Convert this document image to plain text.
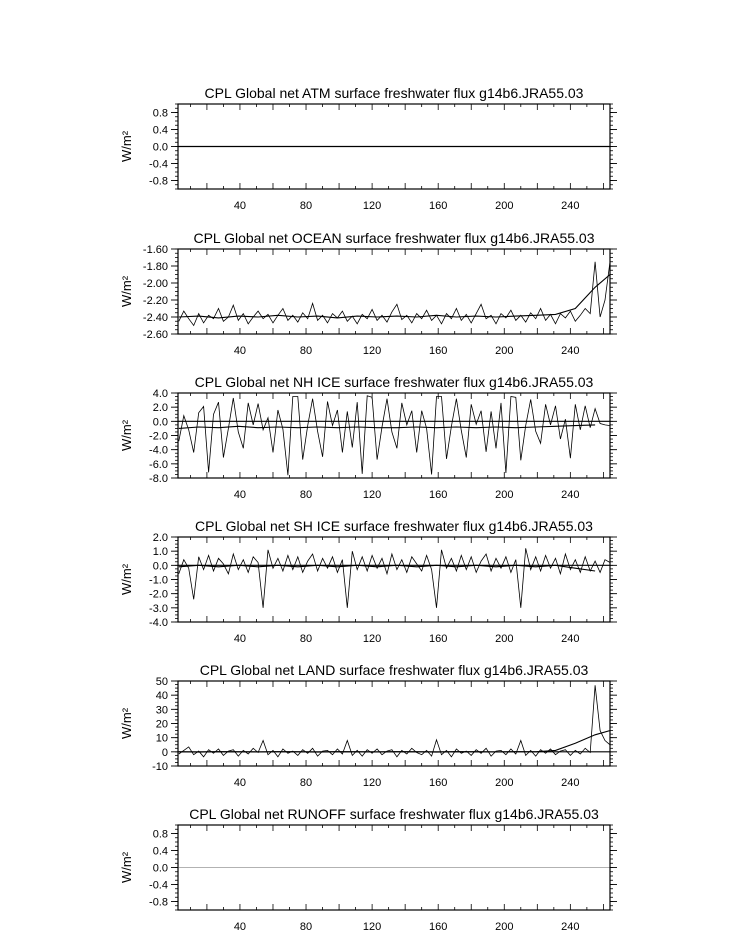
CPL Global net ATM surface freshwater flux g14b6.JRA55.03
W/m²
40	80	120	160	200	240
0.8
0.4
0.0
-0.4
-0.8
CPL Global net OCEAN surface freshwater flux g14b6.JRA55.03
W/m²
40	80	120	160	200	240
-1.60
-1.80
-2.00
-2.20
-2.40
-2.60
CPL Global net NH ICE surface freshwater flux g14b6.JRA55.03
W/m²
40	80	120	160	200	240
4.0
2.0
0.0
-2.0
-4.0
-6.0
-8.0
CPL Global net SH ICE surface freshwater flux g14b6.JRA55.03
W/m²
40	80	120	160	200	240
2.0
1.0
0.0
-1.0
-2.0
-3.0
-4.0
CPL Global net LAND surface freshwater flux g14b6.JRA55.03
W/m²
40	80	120	160	200	240
50
40
30
20
10
0
-10
CPL Global net RUNOFF surface freshwater flux g14b6.JRA55.03
W/m²
40	80	120	160	200	240
0.8
0.4
0.0
-0.4
-0.8
